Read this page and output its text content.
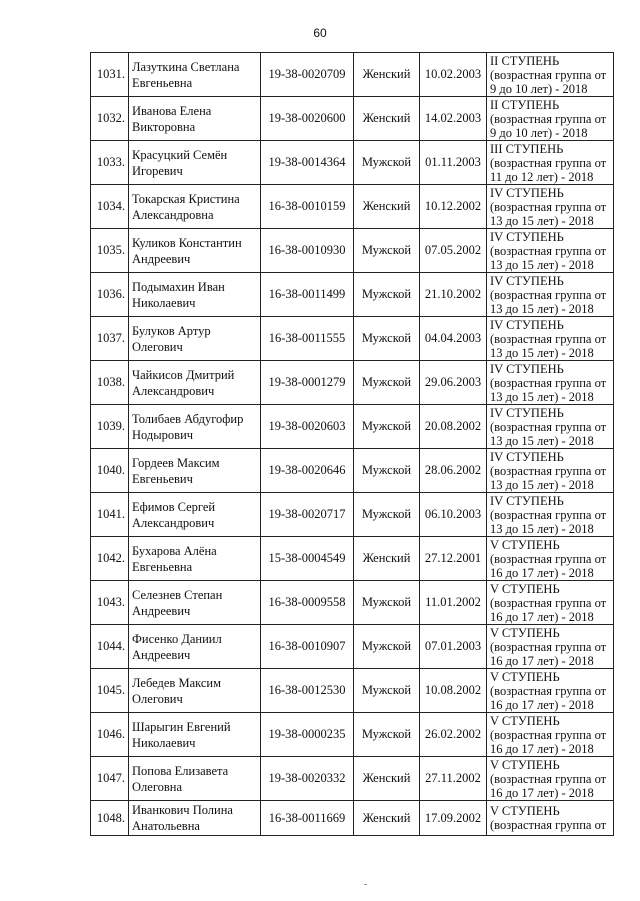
60
1031.	Лазуткина Светлана
Евгеньевна	19-38-0020709	Женский	10.02.2003	II СТУПЕНЬ
(возрастная группа от
9 до 10 лет) - 2018

1032.	Иванова Елена
Викторовна	19-38-0020600	Женский	14.02.2003	II СТУПЕНЬ
(возрастная группа от
9 до 10 лет) - 2018

1033.	Красуцкий Семён
Игоревич	19-38-0014364	Мужской	01.11.2003	III СТУПЕНЬ
(возрастная группа от
11 до 12 лет) - 2018

1034.	Токарская Кристина
Александровна	16-38-0010159	Женский	10.12.2002	IV СТУПЕНЬ
(возрастная группа от
13 до 15 лет) - 2018

1035.	Куликов Константин
Андреевич	16-38-0010930	Мужской	07.05.2002	IV СТУПЕНЬ
(возрастная группа от
13 до 15 лет) - 2018

1036.	Подымахин Иван
Николаевич	16-38-0011499	Мужской	21.10.2002	IV СТУПЕНЬ
(возрастная группа от
13 до 15 лет) - 2018

1037.	Булуков Артур
Олегович	16-38-0011555	Мужской	04.04.2003	IV СТУПЕНЬ
(возрастная группа от
13 до 15 лет) - 2018

1038.	Чайкисов Дмитрий
Александрович	19-38-0001279	Мужской	29.06.2003	IV СТУПЕНЬ
(возрастная группа от
13 до 15 лет) - 2018

1039.	Толибаев Абдугофир
Нодырович	19-38-0020603	Мужской	20.08.2002	IV СТУПЕНЬ
(возрастная группа от
13 до 15 лет) - 2018

1040.	Гордеев Максим
Евгеньевич	19-38-0020646	Мужской	28.06.2002	IV СТУПЕНЬ
(возрастная группа от
13 до 15 лет) - 2018

1041.	Ефимов Сергей
Александрович	19-38-0020717	Мужской	06.10.2003	IV СТУПЕНЬ
(возрастная группа от
13 до 15 лет) - 2018

1042.	Бухарова Алёна
Евгеньевна	15-38-0004549	Женский	27.12.2001	V СТУПЕНЬ
(возрастная группа от
16 до 17 лет) - 2018

1043.	Селезнев Степан
Андреевич	16-38-0009558	Мужской	11.01.2002	V СТУПЕНЬ
(возрастная группа от
16 до 17 лет) - 2018

1044.	Фисенко Даниил
Андреевич	16-38-0010907	Мужской	07.01.2003	V СТУПЕНЬ
(возрастная группа от
16 до 17 лет) - 2018

1045.	Лебедев Максим
Олегович	16-38-0012530	Мужской	10.08.2002	V СТУПЕНЬ
(возрастная группа от
16 до 17 лет) - 2018

1046.	Шарыгин Евгений
Николаевич	19-38-0000235	Мужской	26.02.2002	V СТУПЕНЬ
(возрастная группа от
16 до 17 лет) - 2018

1047.	Попова Елизавета
Олеговна	19-38-0020332	Женский	27.11.2002	V СТУПЕНЬ
(возрастная группа от
16 до 17 лет) - 2018

1048.	Иванкович Полина
Анатольевна	16-38-0011669	Женский	17.09.2002	V СТУПЕНЬ
(возрастная группа от
